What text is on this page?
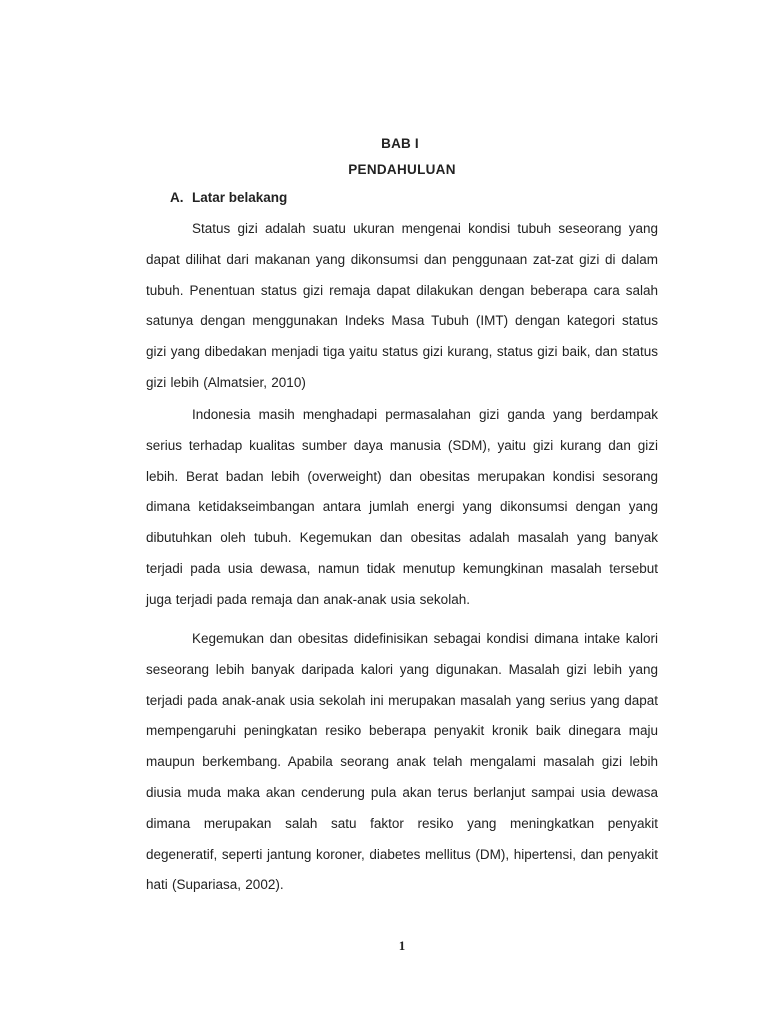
BAB I
PENDAHULUAN
A. Latar belakang

Status gizi adalah suatu ukuran mengenai kondisi tubuh seseorang yang dapat dilihat dari makanan yang dikonsumsi dan penggunaan zat-zat gizi di dalam tubuh. Penentuan status gizi remaja dapat dilakukan dengan beberapa cara salah satunya dengan menggunakan Indeks Masa Tubuh (IMT) dengan kategori status gizi yang dibedakan menjadi tiga yaitu status gizi kurang, status gizi baik, dan status gizi lebih (Almatsier, 2010)

Indonesia masih menghadapi permasalahan gizi ganda yang berdampak serius terhadap kualitas sumber daya manusia (SDM), yaitu gizi kurang dan gizi lebih. Berat badan lebih (overweight) dan obesitas merupakan kondisi sesorang dimana ketidakseimbangan antara jumlah energi yang dikonsumsi dengan yang dibutuhkan oleh tubuh. Kegemukan dan obesitas adalah masalah yang banyak terjadi pada usia dewasa, namun tidak menutup kemungkinan masalah tersebut juga terjadi pada remaja dan anak-anak usia sekolah.

Kegemukan dan obesitas didefinisikan sebagai kondisi dimana intake kalori seseorang lebih banyak daripada kalori yang digunakan. Masalah gizi lebih yang terjadi pada anak-anak usia sekolah ini merupakan masalah yang serius yang dapat mempengaruhi peningkatan resiko beberapa penyakit kronik baik dinegara maju maupun berkembang. Apabila seorang anak telah mengalami masalah gizi lebih diusia muda maka akan cenderung pula akan terus berlanjut sampai usia dewasa dimana merupakan salah satu faktor resiko yang meningkatkan penyakit degeneratif, seperti jantung koroner, diabetes mellitus (DM), hipertensi, dan penyakit hati (Supariasa, 2002).

1
